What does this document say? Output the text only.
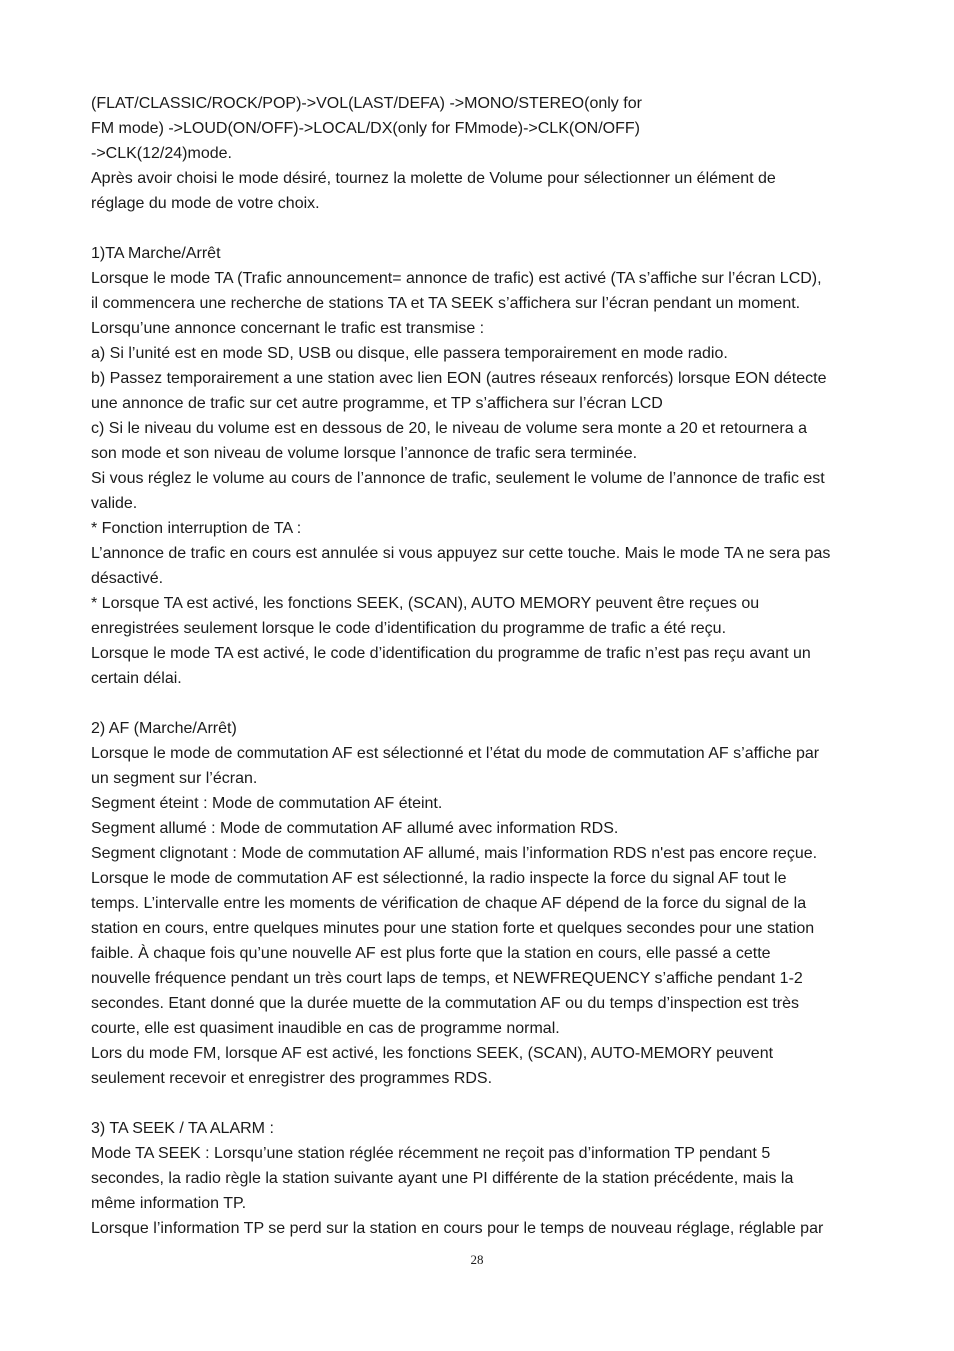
(FLAT/CLASSIC/ROCK/POP)->VOL(LAST/DEFA) ->MONO/STEREO(only for
FM mode) ->LOUD(ON/OFF)->LOCAL/DX(only for FMmode)->CLK(ON/OFF)
->CLK(12/24)mode.
Après avoir choisi le mode désiré, tournez la molette de Volume pour sélectionner un élément de
réglage du mode de votre choix.
1)TA Marche/Arrêt
Lorsque le mode TA (Trafic announcement= annonce de trafic) est activé (TA s’affiche sur l’écran LCD),
il commencera une recherche de stations TA et TA SEEK s’affichera sur l’écran pendant un moment.
Lorsqu’une annonce concernant le trafic est transmise :
a) Si l’unité est en mode SD, USB ou disque, elle passera temporairement en mode radio.
b) Passez temporairement a une station avec lien EON (autres réseaux renforcés) lorsque EON détecte
une annonce de trafic sur cet autre programme, et TP s’affichera sur l’écran LCD
c) Si le niveau du volume est en dessous de 20, le niveau de volume sera monte a 20 et retournera a
son mode et son niveau de volume lorsque l’annonce de trafic sera terminée.
Si vous réglez le volume au cours de l’annonce de trafic, seulement le volume de l’annonce de trafic est
valide.
* Fonction interruption de TA :
L’annonce de trafic en cours est annulée si vous appuyez sur cette touche. Mais le mode TA ne sera pas
désactivé.
* Lorsque TA est activé, les fonctions SEEK, (SCAN), AUTO MEMORY peuvent être reçues ou
enregistrées seulement lorsque le code d’identification du programme de trafic a été reçu.
Lorsque le mode TA est activé, le code d’identification du programme de trafic n’est pas reçu avant un
certain délai.
2) AF (Marche/Arrêt)
Lorsque le mode de commutation AF est sélectionné et l’état du mode de commutation AF s’affiche par
un segment sur l’écran.
Segment éteint : Mode de commutation AF éteint.
Segment allumé : Mode de commutation AF allumé avec information RDS.
Segment clignotant : Mode de commutation AF allumé, mais l’information RDS n'est pas encore reçue.
Lorsque le mode de commutation AF est sélectionné, la radio inspecte la force du signal AF tout le
temps. L’intervalle entre les moments de vérification de chaque AF dépend de la force du signal de la
station en cours, entre quelques minutes pour une station forte et quelques secondes pour une station
faible. À chaque fois qu’une nouvelle AF est plus forte que la station en cours, elle passé a cette
nouvelle fréquence pendant un très court laps de temps, et NEWFREQUENCY s’affiche pendant 1-2
secondes. Etant donné que la durée muette de la commutation AF ou du temps d’inspection est très
courte, elle est quasiment inaudible en cas de programme normal.
Lors du mode FM, lorsque AF est activé, les fonctions SEEK, (SCAN), AUTO-MEMORY peuvent
seulement recevoir et enregistrer des programmes RDS.
3) TA SEEK / TA ALARM :
Mode TA SEEK : Lorsqu’une station réglée récemment ne reçoit pas d’information TP pendant 5
secondes, la radio règle la station suivante ayant une PI différente de la station précédente, mais la
même information TP.
Lorsque l’information TP se perd sur la station en cours pour le temps de nouveau réglage, réglable par
28
